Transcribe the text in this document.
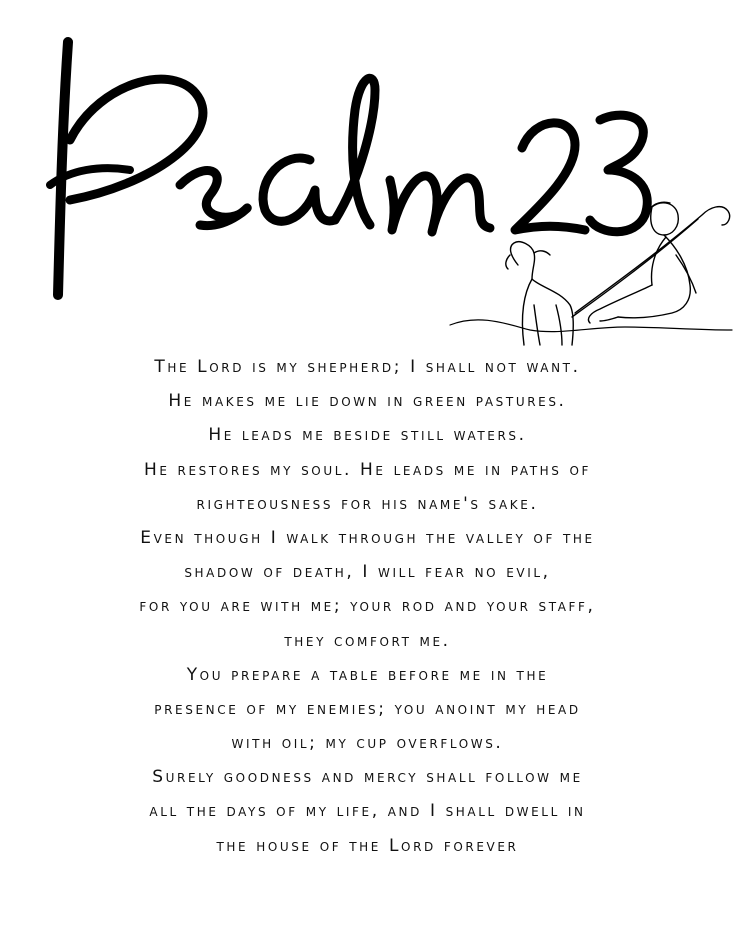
The Lord is my shepherd; I shall not want.
He makes me lie down in green pastures.
He leads me beside still waters.
He restores my soul. He leads me in paths of
righteousness for his name's sake.
Even though I walk through the valley of the
shadow of death, I will fear no evil,
for you are with me; your rod and your staff,
they comfort me.
You prepare a table before me in the
presence of my enemies; you anoint my head
with oil; my cup overflows.
Surely goodness and mercy shall follow me
all the days of my life, and I shall dwell in
the house of the Lord forever
